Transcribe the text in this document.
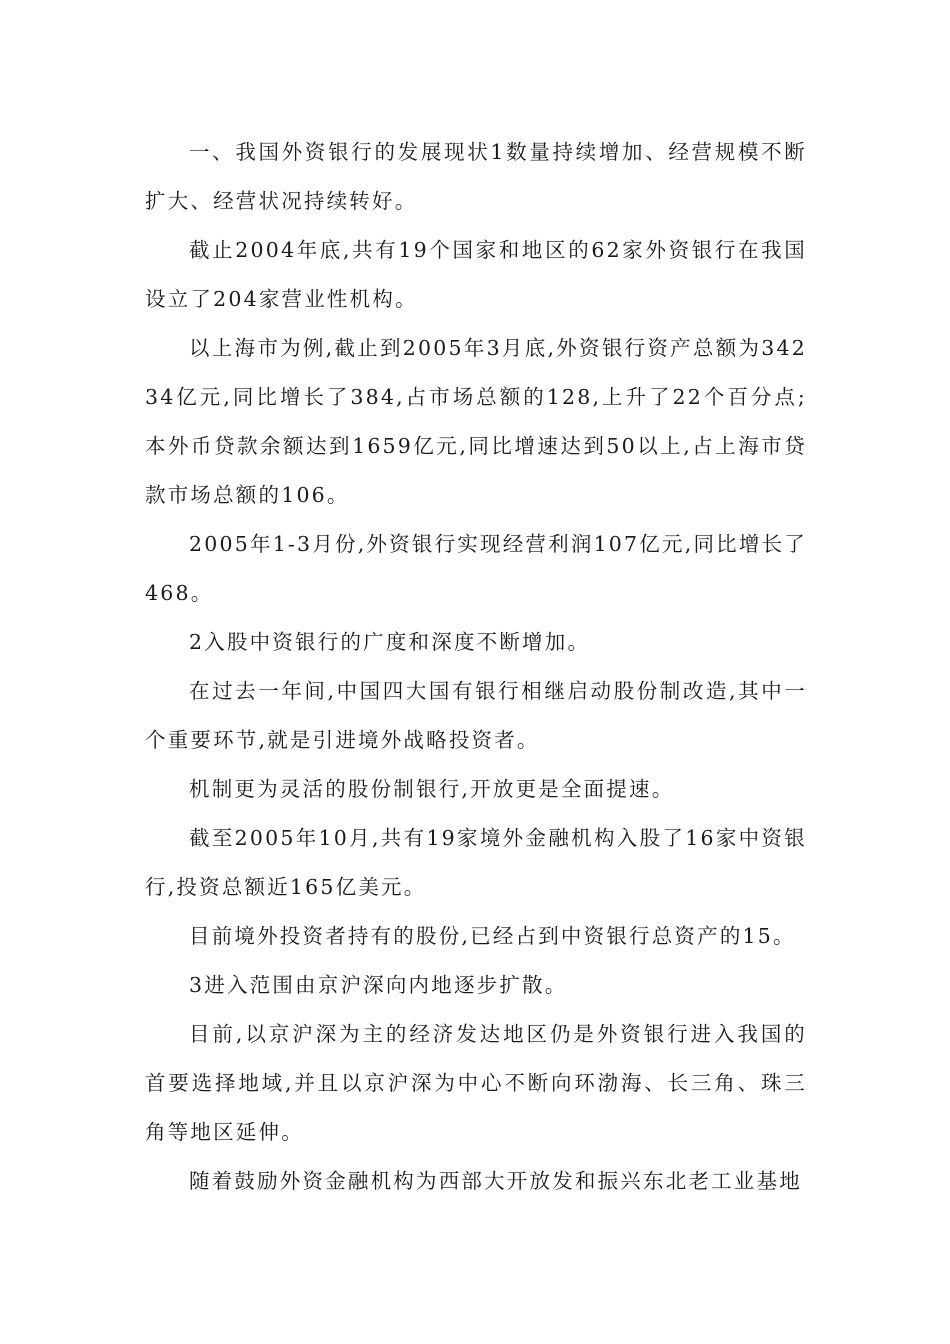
一、我国外资银行的发展现状1数量持续增加、经营规模不断扩大、经营状况持续转好。

截止2004年底,共有19个国家和地区的62家外资银行在我国设立了204家营业性机构。

以上海市为例,截止到2005年3月底,外资银行资产总额为34234亿元,同比增长了384,占市场总额的128,上升了22个百分点;本外币贷款余额达到1659亿元,同比增速达到50以上,占上海市贷款市场总额的106。

2005年1-3月份,外资银行实现经营利润107亿元,同比增长了468。

2入股中资银行的广度和深度不断增加。

在过去一年间,中国四大国有银行相继启动股份制改造,其中一个重要环节,就是引进境外战略投资者。

机制更为灵活的股份制银行,开放更是全面提速。

截至2005年10月,共有19家境外金融机构入股了16家中资银行,投资总额近165亿美元。

目前境外投资者持有的股份,已经占到中资银行总资产的15。

3进入范围由京沪深向内地逐步扩散。

目前,以京沪深为主的经济发达地区仍是外资银行进入我国的首要选择地域,并且以京沪深为中心不断向环渤海、长三角、珠三角等地区延伸。

随着鼓励外资金融机构为西部大开放发和振兴东北老工业基地
